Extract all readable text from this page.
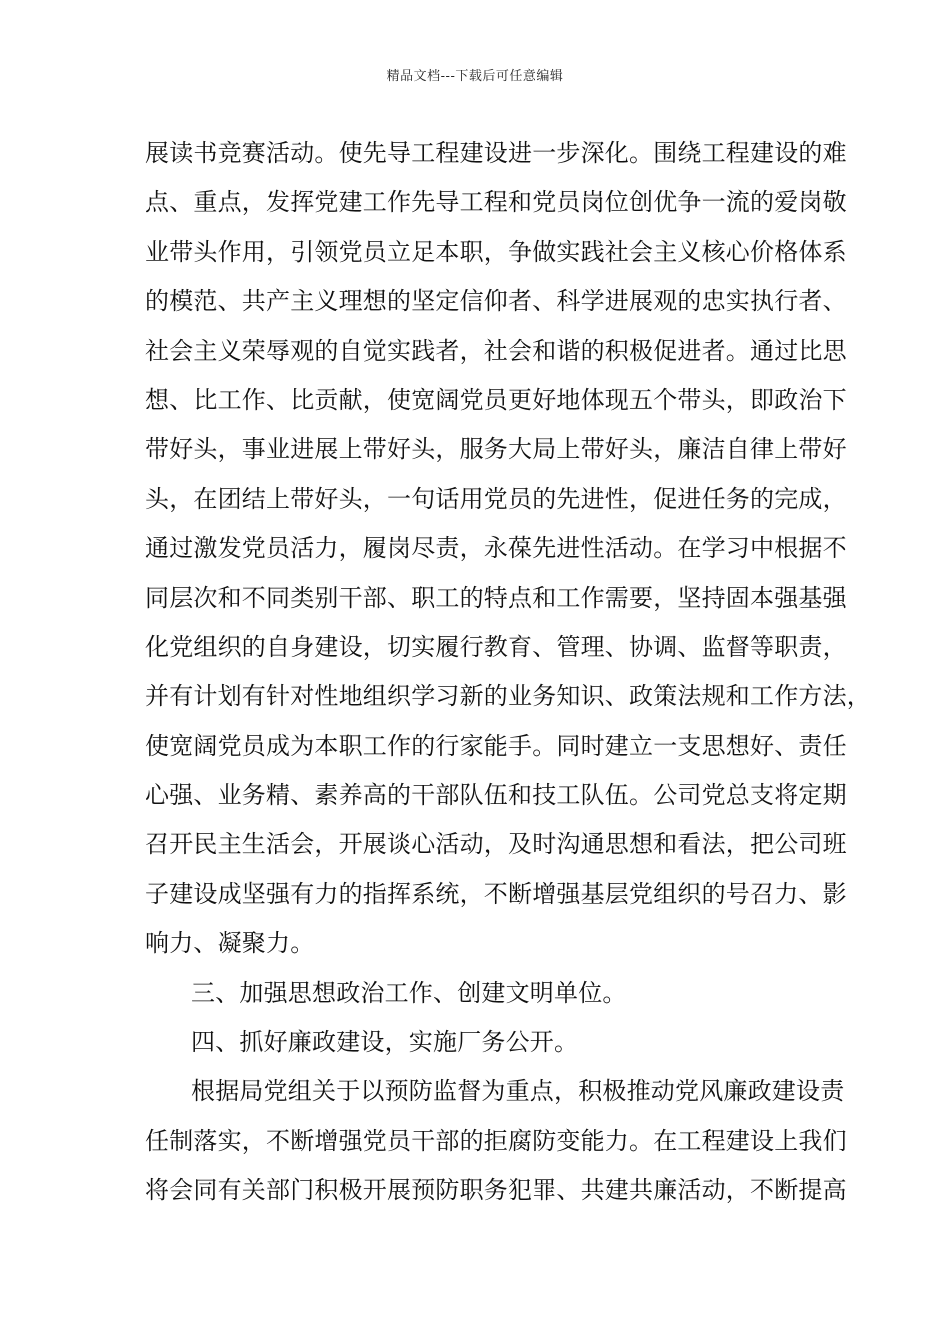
精品文档---下载后可任意编辑
展读书竞赛活动。使先导工程建设进一步深化。围绕工程建设的难
点、重点，发挥党建工作先导工程和党员岗位创优争一流的爱岗敬
业带头作用，引领党员立足本职，争做实践社会主义核心价格体系
的模范、共产主义理想的坚定信仰者、科学进展观的忠实执行者、
社会主义荣辱观的自觉实践者，社会和谐的积极促进者。通过比思
想、比工作、比贡献，使宽阔党员更好地体现五个带头，即政治下
带好头，事业进展上带好头，服务大局上带好头，廉洁自律上带好
头，在团结上带好头，一句话用党员的先进性，促进任务的完成，
通过激发党员活力，履岗尽责，永葆先进性活动。在学习中根据不
同层次和不同类别干部、职工的特点和工作需要，坚持固本强基强
化党组织的自身建设，切实履行教育、管理、协调、监督等职责，
并有计划有针对性地组织学习新的业务知识、政策法规和工作方法，
使宽阔党员成为本职工作的行家能手。同时建立一支思想好、责任
心强、业务精、素养高的干部队伍和技工队伍。公司党总支将定期
召开民主生活会，开展谈心活动，及时沟通思想和看法，把公司班
子建设成坚强有力的指挥系统，不断增强基层党组织的号召力、影
响力、凝聚力。
三、加强思想政治工作、创建文明单位。
四、抓好廉政建设，实施厂务公开。
根据局党组关于以预防监督为重点，积极推动党风廉政建设责
任制落实，不断增强党员干部的拒腐防变能力。在工程建设上我们
将会同有关部门积极开展预防职务犯罪、共建共廉活动，不断提高
